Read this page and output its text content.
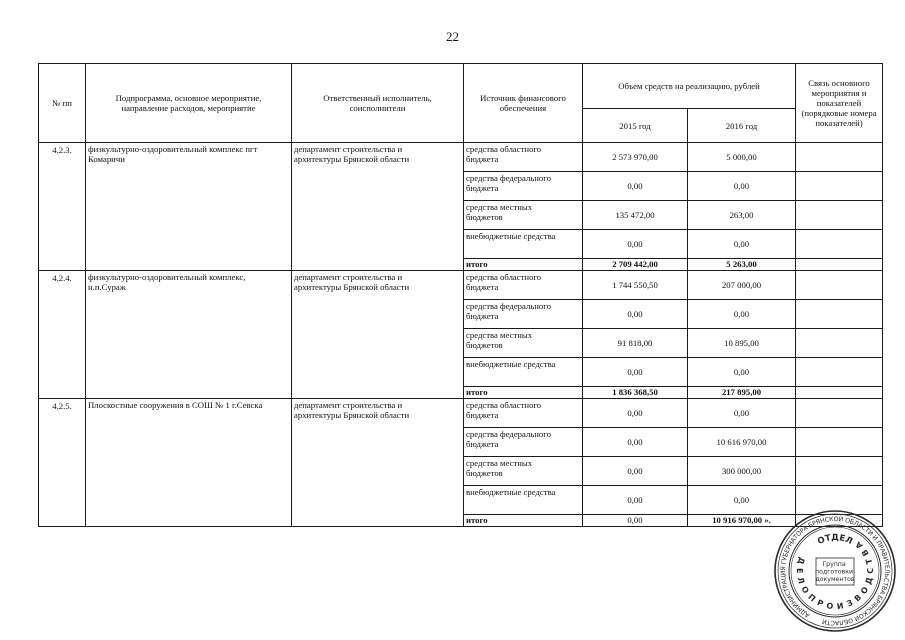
22
№ пп	Подпрограмма, основное мероприятие, направление расходов, мероприятие	Ответственный исполнитель, соисполнители	Источник финансового обеспечения	Объем средств на реализацию, рублей		Связь основного мероприятия и показателей (порядковые номера показателей)
				2015 год	2016 год	
4.2.3.	физкультурно-оздоровительный комплекс пгт Комаричи	департамент строительства и архитектуры Брянской области	средства областного бюджета	2 573 970,00	5 000,00	
			средства федерального бюджета	0,00	0,00	
			средства местных бюджетов	135 472,00	263,00	
			внебюджетные средства	0,00	0,00	
			итого	2 709 442,00	5 263,00	
4.2.4.	физкультурно-оздоровительный комплекс, н.п.Сураж	департамент строительства и архитектуры Брянской области	средства областного бюджета	1 744 550,50	207 000,00	
			средства федерального бюджета	0,00	0,00	
			средства местных бюджетов	91 818,00	10 895,00	
			внебюджетные средства	0,00	0,00	
			итого	1 836 368,50	217 895,00	
4.2.5.	Плоскостные сооружения в СОШ № 1 г.Севска	департамент строительства и архитектуры Брянской области	средства областного бюджета	0,00	0,00	
			средства федерального бюджета	0,00	10 616 970,00	
			средства местных бюджетов	0,00	300 000,00	
			внебюджетные средства	0,00	0,00	
			итого	0,00	10 916 970,00 ».	
АДМИНИСТРАЦИЯ ГУБЕРНАТОРА БРЯНСКОЙ ОБЛАСТИ И ПРАВИТЕЛЬСТВА БРЯНСКОЙ ОБЛАСТИ
ОТДЕЛ
ДЕЛОПРОИЗВОДСТВА
Группа подготовки документов
